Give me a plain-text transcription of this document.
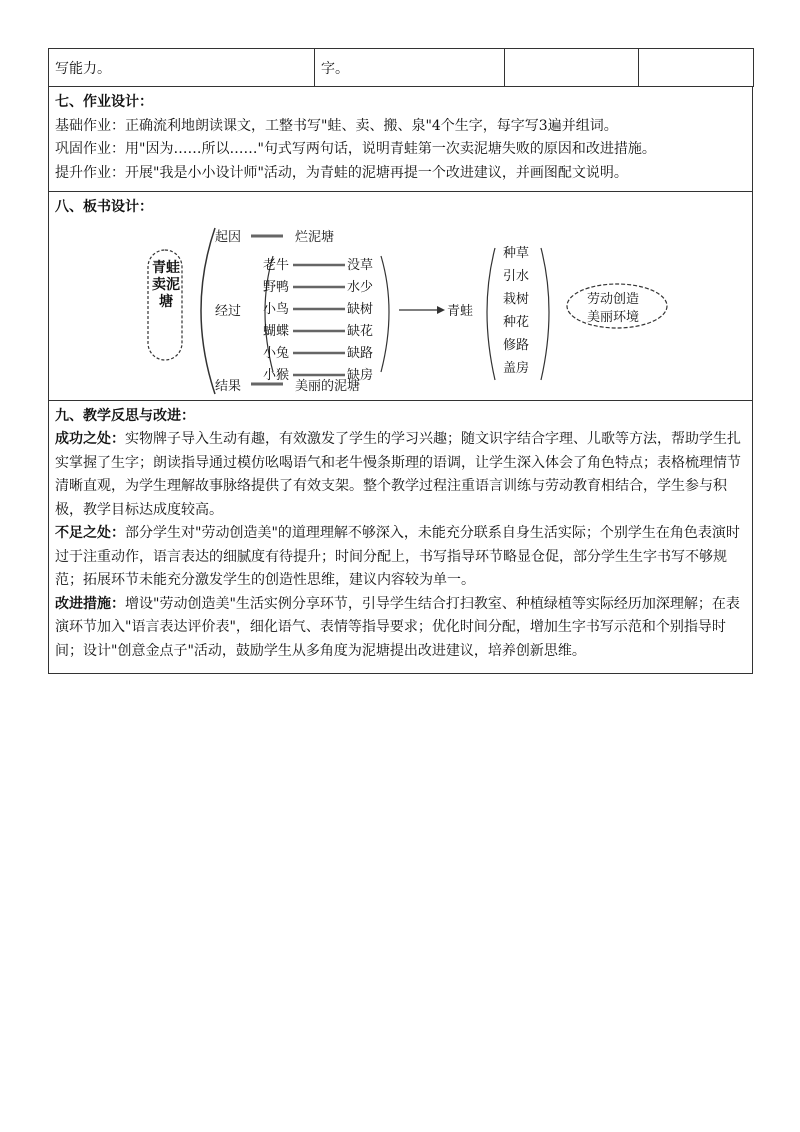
写能力。	字。		

七、作业设计：

基础作业：正确流利地朗读课文，工整书写"蛙、卖、搬、泉"4个生字，每字写3遍并组词。

巩固作业：用"因为……所以……"句式写两句话，说明青蛙第一次卖泥塘失败的原因和改进措施。

提升作业：开展"我是小小设计师"活动，为青蛙的泥塘再提一个改进建议，并画图配文说明。

八、板书设计：

青蛙卖泥塘
起因	烂泥塘
经过
老牛
野鸭
小鸟
蝴蝶
小兔
小猴
没草
水少
缺树
缺花
缺路
缺房
青蛙
种草
引水
栽树
种花
修路
盖房
劳动创造
美丽环境
结果	美丽的泥塘

九、教学反思与改进：

成功之处：实物牌子导入生动有趣，有效激发了学生的学习兴趣；随文识字结合字理、儿歌等方法，帮助学生扎实掌握了生字；朗读指导通过模仿吆喝语气和老牛慢条斯理的语调，让学生深入体会了角色特点；表格梳理情节清晰直观，为学生理解故事脉络提供了有效支架。整个教学过程注重语言训练与劳动教育相结合，学生参与积极，教学目标达成度较高。

不足之处：部分学生对"劳动创造美"的道理理解不够深入，未能充分联系自身生活实际；个别学生在角色表演时过于注重动作，语言表达的细腻度有待提升；时间分配上，书写指导环节略显仓促，部分学生生字书写不够规范；拓展环节未能充分激发学生的创造性思维，建议内容较为单一。

改进措施：增设"劳动创造美"生活实例分享环节，引导学生结合打扫教室、种植绿植等实际经历加深理解；在表演环节加入"语言表达评价表"，细化语气、表情等指导要求；优化时间分配，增加生字书写示范和个别指导时间；设计"创意金点子"活动，鼓励学生从多角度为泥塘提出改进建议，培养创新思维。
